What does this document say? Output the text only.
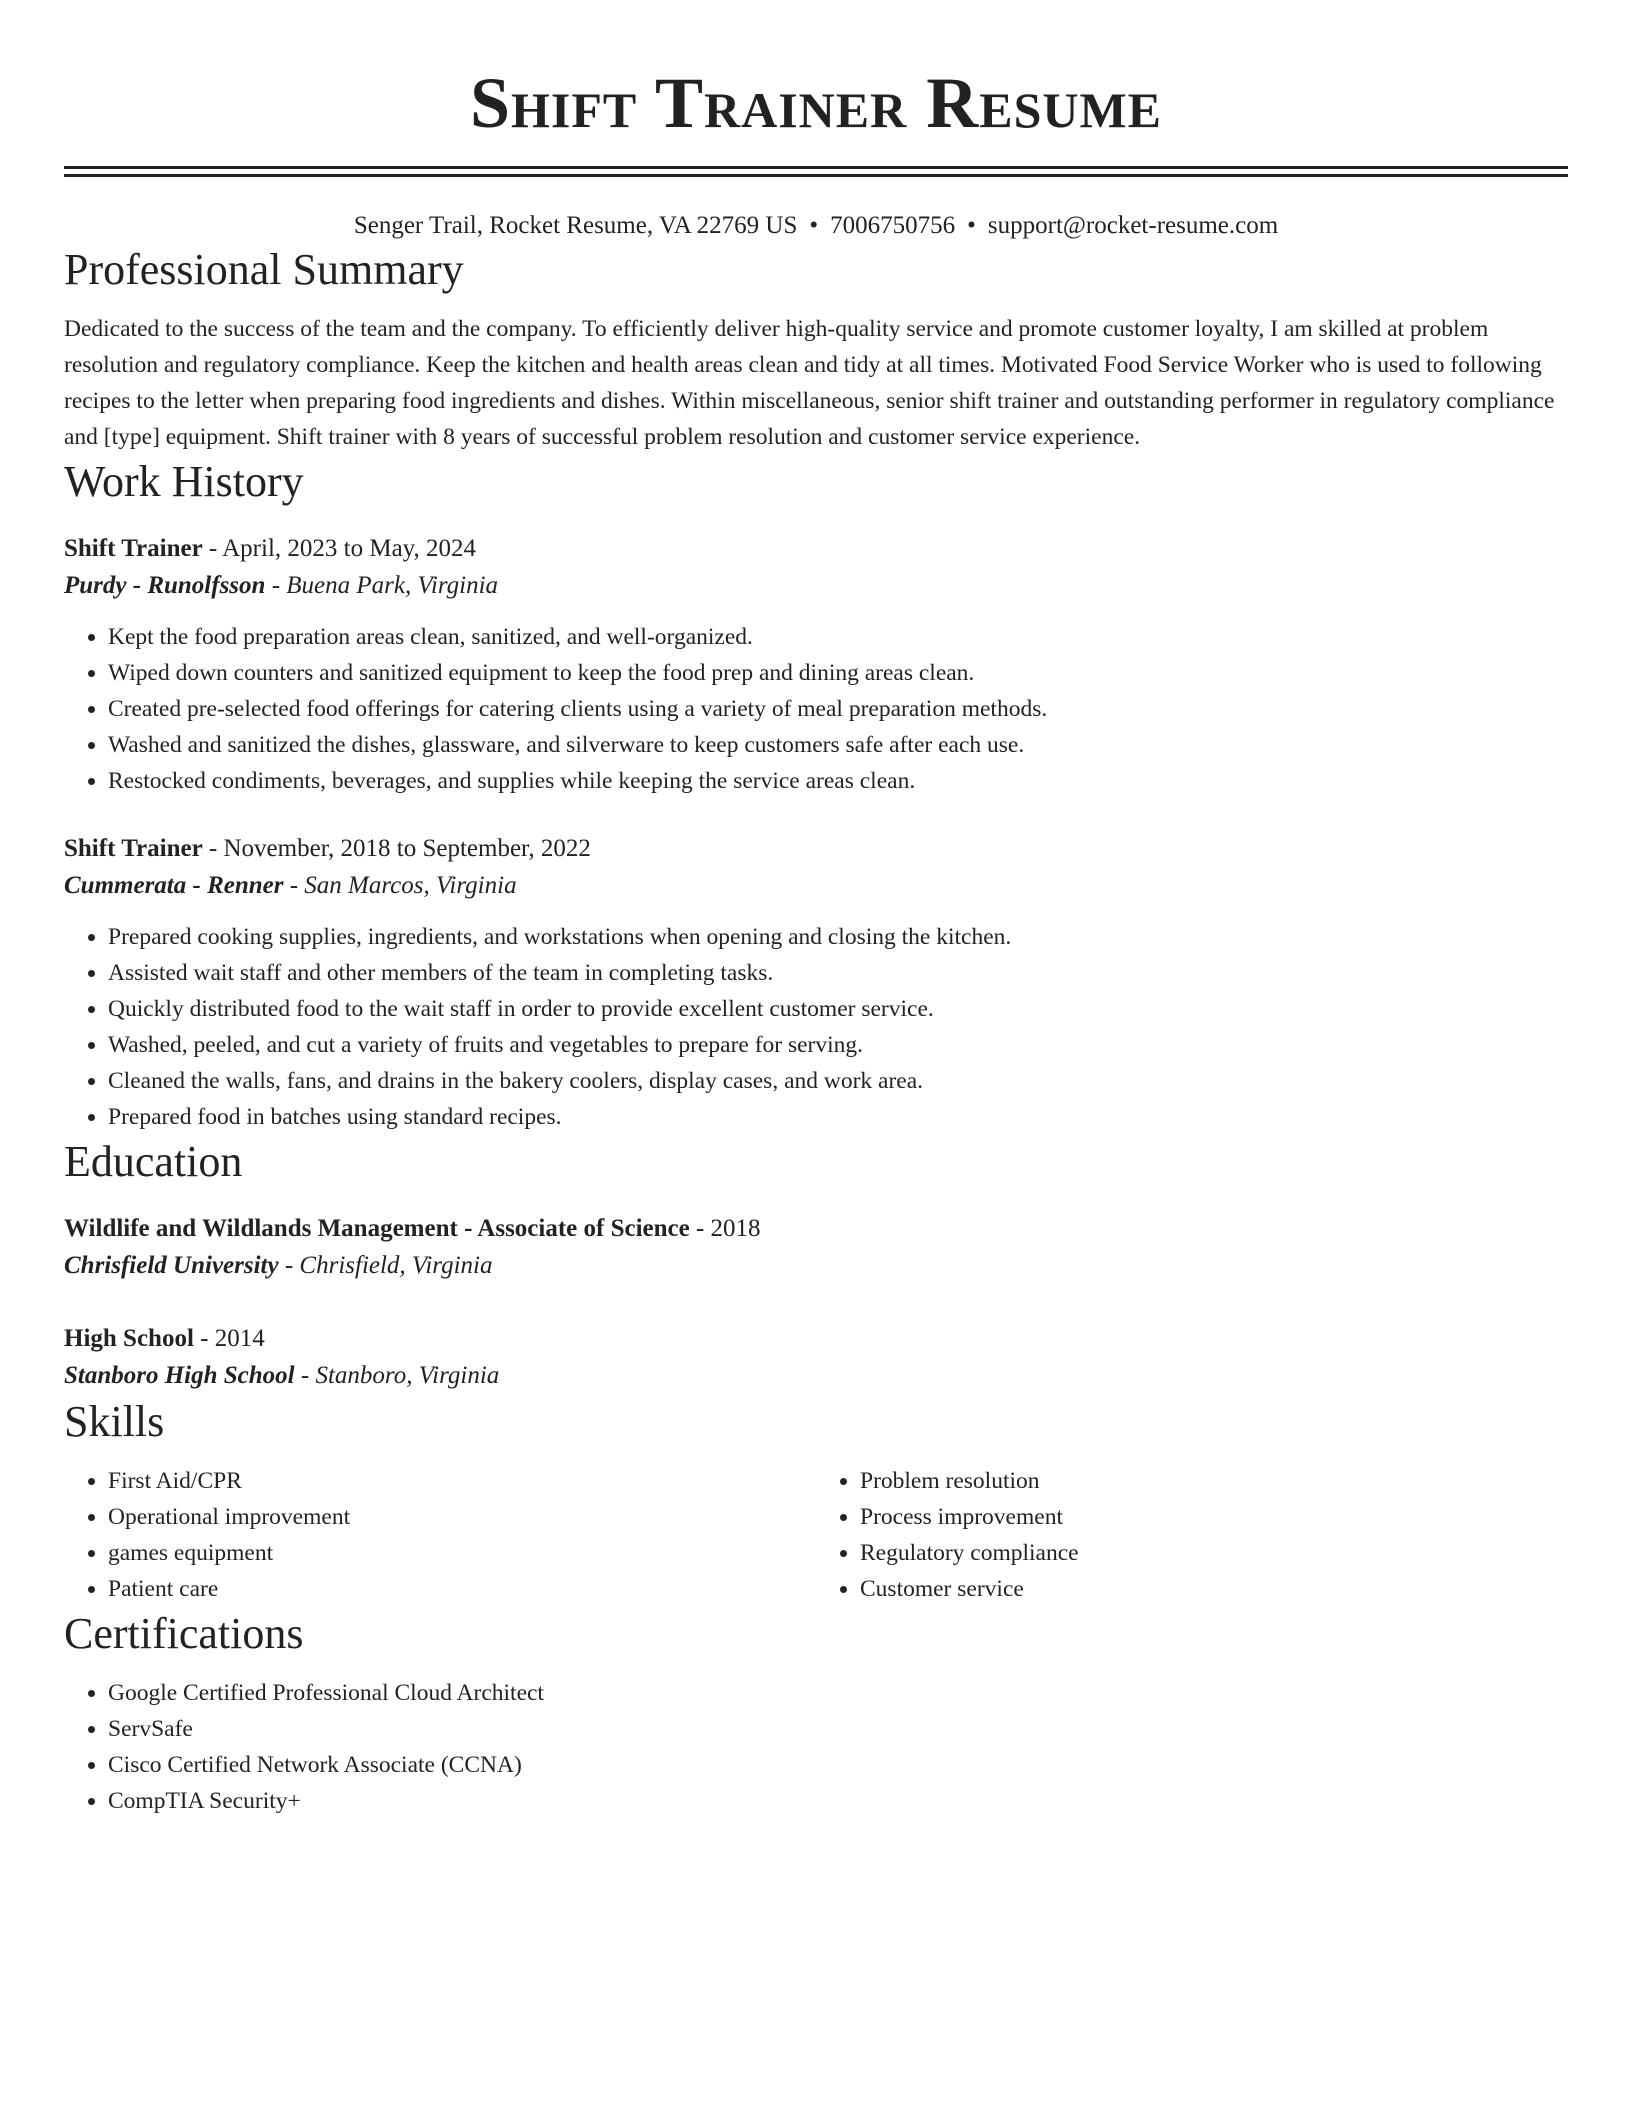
Shift Trainer Resume
Senger Trail, Rocket Resume, VA 22769 US • 7006750756 • support@rocket-resume.com
Professional Summary
Dedicated to the success of the team and the company. To efficiently deliver high-quality service and promote customer loyalty, I am skilled at problem resolution and regulatory compliance. Keep the kitchen and health areas clean and tidy at all times. Motivated Food Service Worker who is used to following recipes to the letter when preparing food ingredients and dishes. Within miscellaneous, senior shift trainer and outstanding performer in regulatory compliance and [type] equipment. Shift trainer with 8 years of successful problem resolution and customer service experience.
Work History
Shift Trainer - April, 2023 to May, 2024
Purdy - Runolfsson - Buena Park, Virginia
• Kept the food preparation areas clean, sanitized, and well-organized.
• Wiped down counters and sanitized equipment to keep the food prep and dining areas clean.
• Created pre-selected food offerings for catering clients using a variety of meal preparation methods.
• Washed and sanitized the dishes, glassware, and silverware to keep customers safe after each use.
• Restocked condiments, beverages, and supplies while keeping the service areas clean.
Shift Trainer - November, 2018 to September, 2022
Cummerata - Renner - San Marcos, Virginia
• Prepared cooking supplies, ingredients, and workstations when opening and closing the kitchen.
• Assisted wait staff and other members of the team in completing tasks.
• Quickly distributed food to the wait staff in order to provide excellent customer service.
• Washed, peeled, and cut a variety of fruits and vegetables to prepare for serving.
• Cleaned the walls, fans, and drains in the bakery coolers, display cases, and work area.
• Prepared food in batches using standard recipes.
Education
Wildlife and Wildlands Management - Associate of Science - 2018
Chrisfield University - Chrisfield, Virginia
High School - 2014
Stanboro High School - Stanboro, Virginia
Skills
• First Aid/CPR
• Operational improvement
• games equipment
• Patient care
• Problem resolution
• Process improvement
• Regulatory compliance
• Customer service
Certifications
• Google Certified Professional Cloud Architect
• ServSafe
• Cisco Certified Network Associate (CCNA)
• CompTIA Security+
